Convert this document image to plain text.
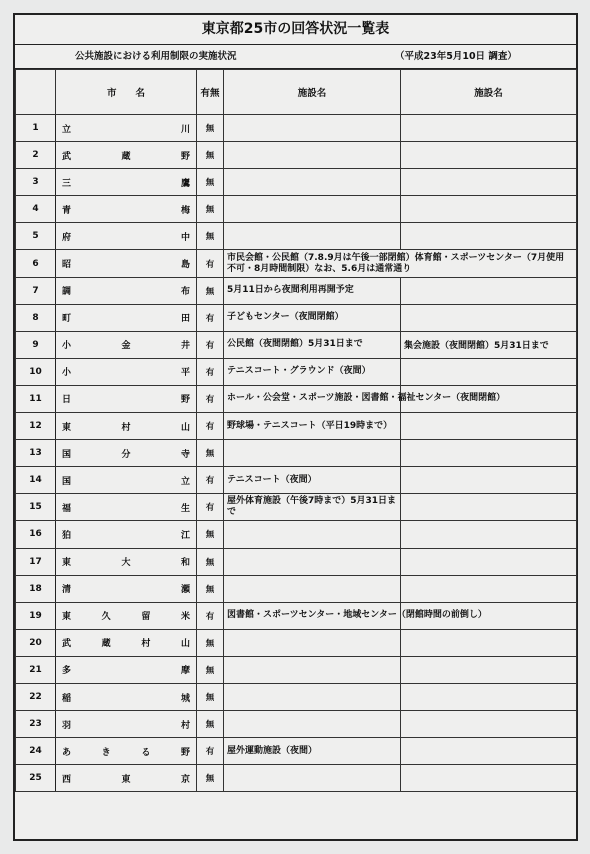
東京都25市の回答状況一覧表
公共施設における利用制限の実施状況	（平成23年5月10日 調査）
	市　　名	有無	施設名	施設名
1	立 川	無		
2	武 蔵 野	無		
3	三 鷹	無		
4	青 梅	無		
5	府 中	無		
6	昭 島	有	市民会館・公民館（7.8.9月は午後一部閉館）体育館・スポーツセンター（7月使用不可・8月時間制限）なお、5.6月は通常通り	
7	調 布	無	5月11日から夜間利用再開予定	
8	町 田	有	子どもセンター（夜間閉館）	
9	小 金 井	有	公民館（夜間閉館）5月31日まで	集会施設（夜間閉館）5月31日まで
10	小 平	有	テニスコート・グラウンド（夜間）	
11	日 野	有	ホール・公会堂・スポーツ施設・図書館・福祉センター（夜間閉館）	
12	東 村 山	有	野球場・テニスコート（平日19時まで）	
13	国 分 寺	無		
14	国 立	有	テニスコート（夜間）	
15	福 生	有	屋外体育施設（午後7時まで）5月31日まで	
16	狛 江	無		
17	東 大 和	無		
18	清 瀬	無		
19	東 久 留 米	有	図書館・スポーツセンター・地域センター（閉館時間の前倒し）	
20	武 蔵 村 山	無		
21	多 摩	無		
22	稲 城	無		
23	羽 村	無		
24	あ き る 野	有	屋外運動施設（夜間）	
25	西 東 京	無		
